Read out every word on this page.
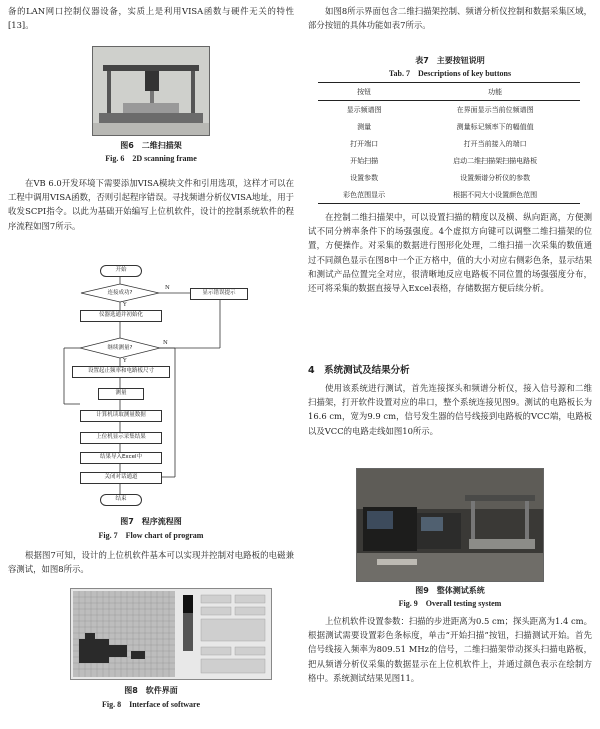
备的LAN网口控制仪器设备，实质上是利用VISA函数与硬件无关的特性[13]。

图6　二维扫描架
Fig. 6　2D scanning frame

在VB 6.0开发环境下需要添加VISA模块文件和引用选项，这样才可以在工程中调用VISA函数，否则引起程序错误。寻找频谱分析仪VISA地址，用于收发SCPI指令。以此为基础开始编写上位机软件，设计的控制系统软件的程序流程如图7所示。

开始
连接成功?
N
Y
显示错误提示
仪器选通并初始化
继续测量?
N
Y
设置起止频率和电路板尺寸
测量
计算机读取测量数据
上位机显示采集结果
结果导入Excel中
关闭对话通道
结束
图7　程序流程图
Fig. 7　Flow chart of program

根据图7可知，设计的上位机软件基本可以实现并控制对电路板的电磁兼容测试，如图8所示。

图8　软件界面
Fig. 8　Interface of software

如图8所示界面包含二维扫描架控制、频谱分析仪控制和数据采集区域，部分按钮的具体功能如表7所示。

表7　主要按钮说明
Tab. 7　Descriptions of key buttons
按钮	功能
显示频谱图	在界面显示当前位频谱图
测量	测量标记频率下的幅值值
打开端口	打开当前接入的端口
开始扫描	启动二维扫描架扫描电路板
设置参数	设置频谱分析仪的参数
彩色范围显示	根据不同大小设置颜色范围

在控制二维扫描架中，可以设置扫描的精度以及横、纵向距离，方便测试不同分辨率条件下的场强强度。4个虚拟方向键可以调整二维扫描架的位置，方便操作。对采集的数据进行图形化处理，二维扫描一次采集的数值通过不同颜色显示在图8中一个正方格中，值的大小对应右侧彩色条，显示结果和测试产品位置完全对应，很清晰地反应电路板不同位置的场强强度分布，还可将采集的数据直接导入Excel表格，存储数据方便后续分析。

4　系统测试及结果分析

使用该系统进行测试，首先连接探头和频谱分析仪，接入信号源和二维扫描架，打开软件设置对应的串口，整个系统连接见图9。测试的电路板长为16.6 cm，宽为9.9 cm，信号发生器的信号线接到电路板的VCC端，电路板以及VCC的电路走线如图10所示。

图9　整体测试系统
Fig. 9　Overall testing system

上位机软件设置参数：扫描的步进距离为0.5 cm；探头距离为1.4 cm。根据测试需要设置彩色条标度，单击“开始扫描”按钮，扫描测试开始。首先信号线接入频率为809.51 MHz的信号，二维扫描架带动探头扫描电路板，把从频谱分析仪采集的数据显示在上位机软件上，并通过颜色表示在绘制方格中。系统测试结果见图11。
